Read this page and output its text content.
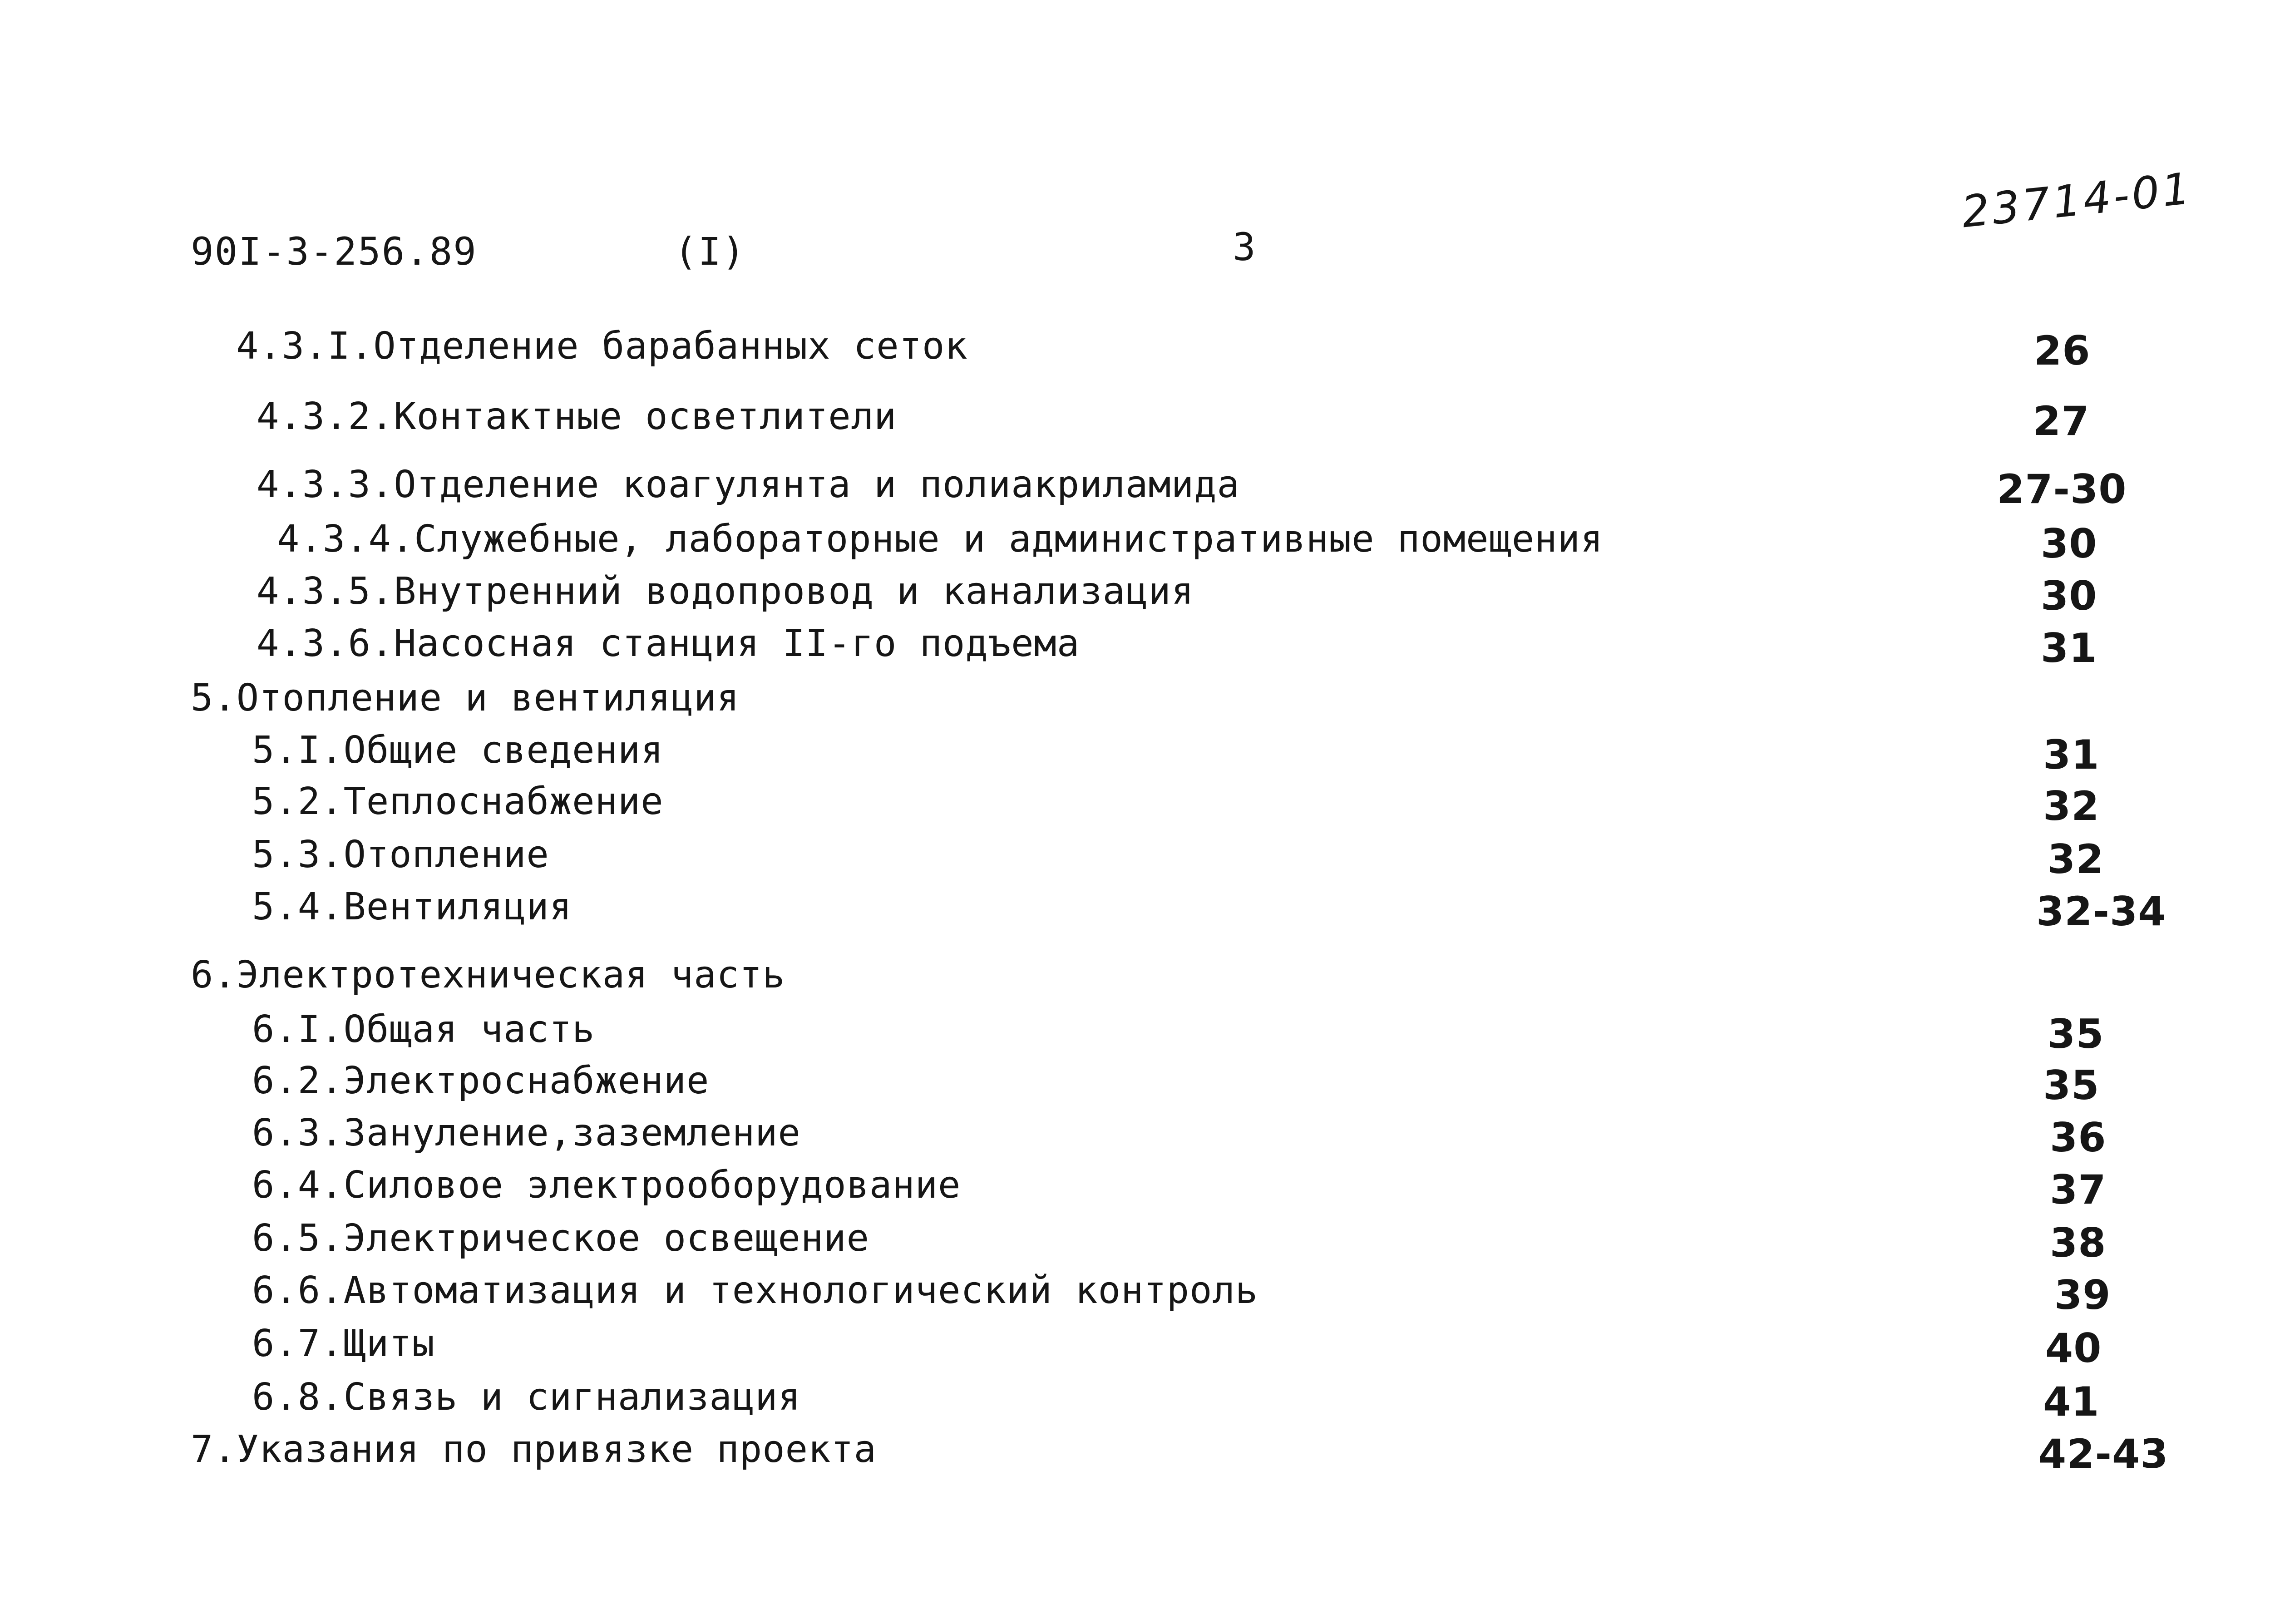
90I-3-256.89	(I)	3
23714-01
4.3.I.Отделение барабанных сеток	26
4.3.2.Контактные осветлители	27
4.3.3.Отделение коагулянта и полиакриламида	27-30
4.3.4.Служебные, лабораторные и административные помещения	30
4.3.5.Внутренний водопровод и канализация	30
4.3.6.Насосная станция II-го подъема	31
5.Отопление и вентиляция
5.I.Общие сведения	31
5.2.Теплоснабжение	32
5.3.Отопление	32
5.4.Вентиляция	32-34
6.Электротехническая часть
6.I.Общая часть	35
6.2.Электроснабжение	35
6.3.Зануление,заземление	36
6.4.Силовое электрооборудование	37
6.5.Электрическое освещение	38
6.6.Автоматизация и технологический контроль	39
6.7.Щиты	40
6.8.Связь и сигнализация	41
7.Указания по привязке проекта	42-43
